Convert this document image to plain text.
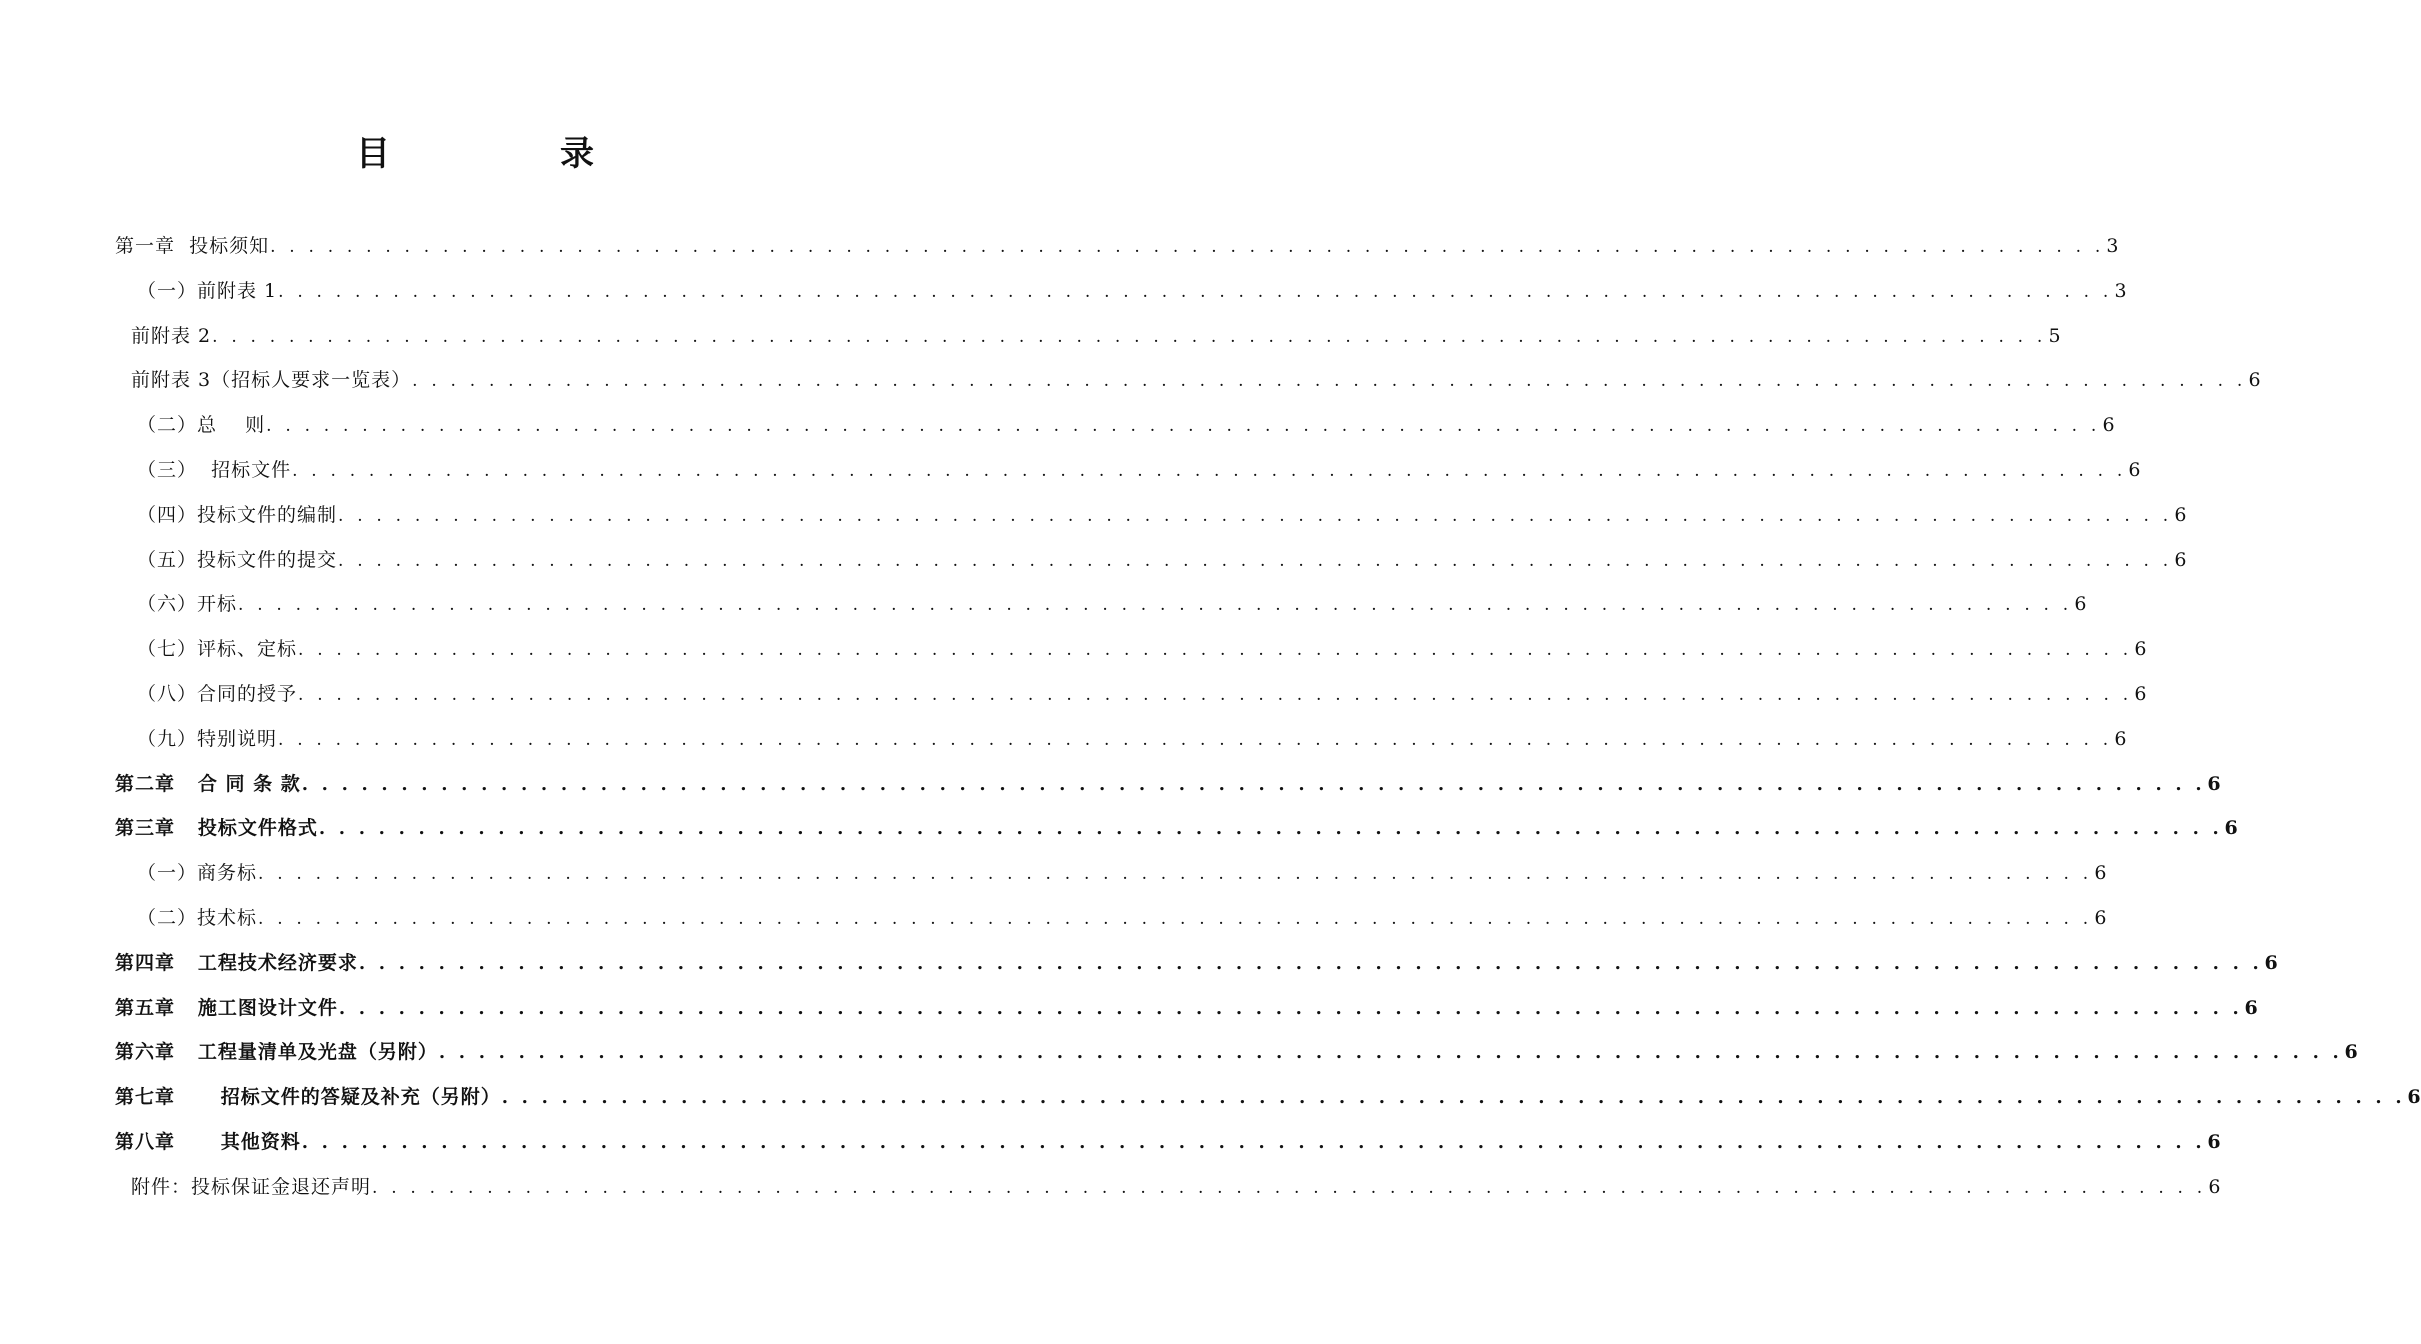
目　录
第一章  投标须知 . . . . . . . . . . . . . . . . . . . . . . . . . . . . . . . . . . . . . . . . . . . . . . . . . . . . . . . . . . . . . . . . . . . . . . . . . . . . . . . . . . . . . . . . . . . . . . . . 3
（一）前附表 1 . . . . . . . . . . . . . . . . . . . . . . . . . . . . . . . . . . . . . . . . . . . . . . . . . . . . . . . . . . . . . . . . . . . . . . . . . . . . . . . . . . . . . . . . . . . . . . . . 3
前附表 2 . . . . . . . . . . . . . . . . . . . . . . . . . . . . . . . . . . . . . . . . . . . . . . . . . . . . . . . . . . . . . . . . . . . . . . . . . . . . . . . . . . . . . . . . . . . . . . . . 5
前附表 3（招标人要求一览表） . . . . . . . . . . . . . . . . . . . . . . . . . . . . . . . . . . . . . . . . . . . . . . . . . . . . . . . . . . . . . . . . . . . . . . . . . . . . . . . . . . . . . . . . . . . . . . . . 6
（二）总    则 . . . . . . . . . . . . . . . . . . . . . . . . . . . . . . . . . . . . . . . . . . . . . . . . . . . . . . . . . . . . . . . . . . . . . . . . . . . . . . . . . . . . . . . . . . . . . . . . 6
（三）  招标文件 . . . . . . . . . . . . . . . . . . . . . . . . . . . . . . . . . . . . . . . . . . . . . . . . . . . . . . . . . . . . . . . . . . . . . . . . . . . . . . . . . . . . . . . . . . . . . . . . 6
（四）投标文件的编制 . . . . . . . . . . . . . . . . . . . . . . . . . . . . . . . . . . . . . . . . . . . . . . . . . . . . . . . . . . . . . . . . . . . . . . . . . . . . . . . . . . . . . . . . . . . . . . . . 6
（五）投标文件的提交 . . . . . . . . . . . . . . . . . . . . . . . . . . . . . . . . . . . . . . . . . . . . . . . . . . . . . . . . . . . . . . . . . . . . . . . . . . . . . . . . . . . . . . . . . . . . . . . . 6
（六）开标 . . . . . . . . . . . . . . . . . . . . . . . . . . . . . . . . . . . . . . . . . . . . . . . . . . . . . . . . . . . . . . . . . . . . . . . . . . . . . . . . . . . . . . . . . . . . . . . . 6
（七）评标、定标 . . . . . . . . . . . . . . . . . . . . . . . . . . . . . . . . . . . . . . . . . . . . . . . . . . . . . . . . . . . . . . . . . . . . . . . . . . . . . . . . . . . . . . . . . . . . . . . . 6
（八）合同的授予 . . . . . . . . . . . . . . . . . . . . . . . . . . . . . . . . . . . . . . . . . . . . . . . . . . . . . . . . . . . . . . . . . . . . . . . . . . . . . . . . . . . . . . . . . . . . . . . . 6
（九）特别说明 . . . . . . . . . . . . . . . . . . . . . . . . . . . . . . . . . . . . . . . . . . . . . . . . . . . . . . . . . . . . . . . . . . . . . . . . . . . . . . . . . . . . . . . . . . . . . . . . 6
第二章   合 同 条 款 . . . . . . . . . . . . . . . . . . . . . . . . . . . . . . . . . . . . . . . . . . . . . . . . . . . . . . . . . . . . . . . . . . . . . . . . . . . . . . . . . . . . . . . . . . . . . . . . 6
第三章   投标文件格式 . . . . . . . . . . . . . . . . . . . . . . . . . . . . . . . . . . . . . . . . . . . . . . . . . . . . . . . . . . . . . . . . . . . . . . . . . . . . . . . . . . . . . . . . . . . . . . . . 6
（一）商务标 . . . . . . . . . . . . . . . . . . . . . . . . . . . . . . . . . . . . . . . . . . . . . . . . . . . . . . . . . . . . . . . . . . . . . . . . . . . . . . . . . . . . . . . . . . . . . . . . 6
（二）技术标 . . . . . . . . . . . . . . . . . . . . . . . . . . . . . . . . . . . . . . . . . . . . . . . . . . . . . . . . . . . . . . . . . . . . . . . . . . . . . . . . . . . . . . . . . . . . . . . . 6
第四章   工程技术经济要求 . . . . . . . . . . . . . . . . . . . . . . . . . . . . . . . . . . . . . . . . . . . . . . . . . . . . . . . . . . . . . . . . . . . . . . . . . . . . . . . . . . . . . . . . . . . . . . . . 6
第五章   施工图设计文件 . . . . . . . . . . . . . . . . . . . . . . . . . . . . . . . . . . . . . . . . . . . . . . . . . . . . . . . . . . . . . . . . . . . . . . . . . . . . . . . . . . . . . . . . . . . . . . . . 6
第六章   工程量清单及光盘（另附） . . . . . . . . . . . . . . . . . . . . . . . . . . . . . . . . . . . . . . . . . . . . . . . . . . . . . . . . . . . . . . . . . . . . . . . . . . . . . . . . . . . . . . . . . . . . . . . . 6
第七章      招标文件的答疑及补充（另附） . . . . . . . . . . . . . . . . . . . . . . . . . . . . . . . . . . . . . . . . . . . . . . . . . . . . . . . . . . . . . . . . . . . . . . . . . . . . . . . . . . . . . . . . . . . . . . . . 6
第八章      其他资料 . . . . . . . . . . . . . . . . . . . . . . . . . . . . . . . . . . . . . . . . . . . . . . . . . . . . . . . . . . . . . . . . . . . . . . . . . . . . . . . . . . . . . . . . . . . . . . . . 6
附件：投标保证金退还声明 . . . . . . . . . . . . . . . . . . . . . . . . . . . . . . . . . . . . . . . . . . . . . . . . . . . . . . . . . . . . . . . . . . . . . . . . . . . . . . . . . . . . . . . . . . . . . . . . 6
